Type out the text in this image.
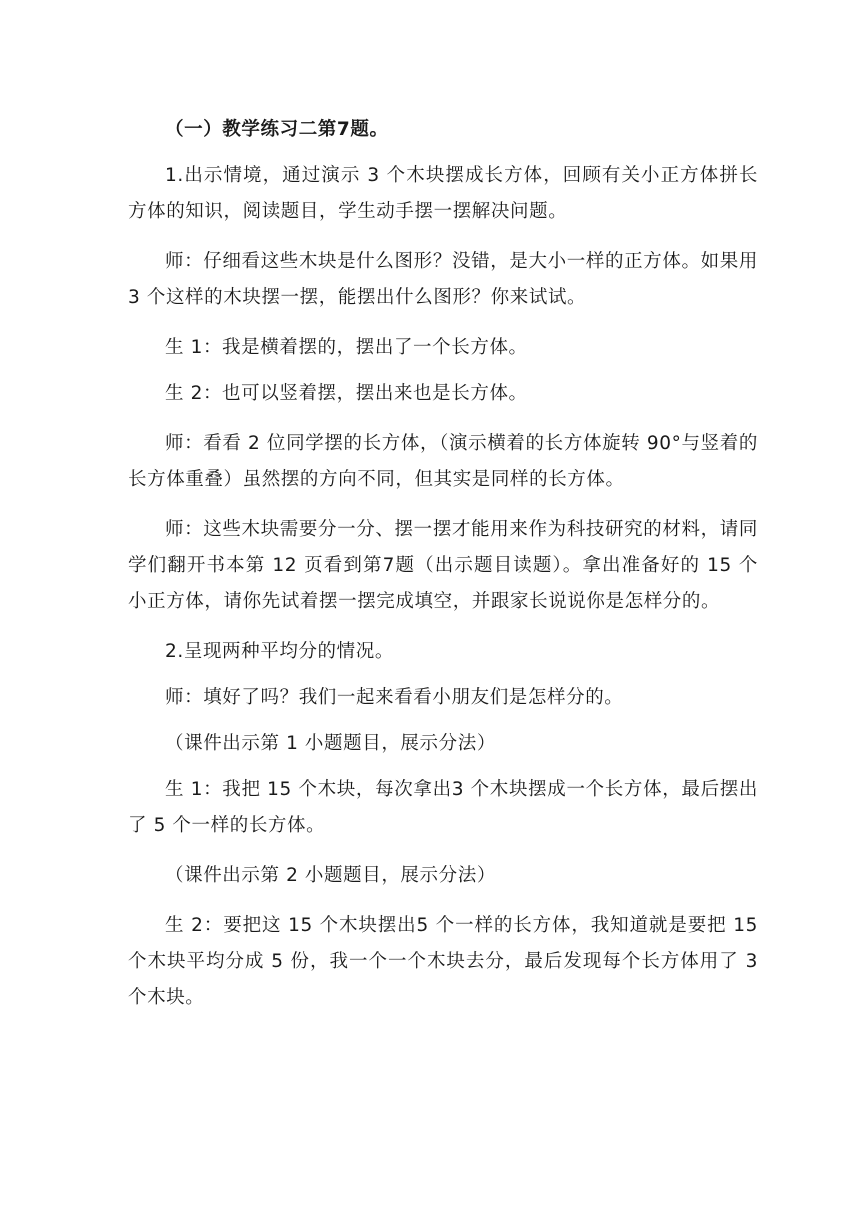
（一）教学练习二第7题。

1.出示情境，通过演示 3 个木块摆成长方体，回顾有关小正方体拼长方体的知识，阅读题目，学生动手摆一摆解决问题。

师：仔细看这些木块是什么图形？没错，是大小一样的正方体。如果用3 个这样的木块摆一摆，能摆出什么图形？你来试试。

生 1：我是横着摆的，摆出了一个长方体。

生 2：也可以竖着摆，摆出来也是长方体。

师：看看 2 位同学摆的长方体，（演示横着的长方体旋转 90°与竖着的长方体重叠）虽然摆的方向不同，但其实是同样的长方体。

师：这些木块需要分一分、摆一摆才能用来作为科技研究的材料，请同学们翻开书本第 12 页看到第7题（出示题目读题）。拿出准备好的 15 个小正方体，请你先试着摆一摆完成填空，并跟家长说说你是怎样分的。

2.呈现两种平均分的情况。

师：填好了吗？我们一起来看看小朋友们是怎样分的。

（课件出示第 1 小题题目，展示分法）

生 1：我把 15 个木块，每次拿出3 个木块摆成一个长方体，最后摆出了 5 个一样的长方体。

（课件出示第 2 小题题目，展示分法）

生 2：要把这 15 个木块摆出5 个一样的长方体，我知道就是要把 15 个木块平均分成 5 份，我一个一个木块去分，最后发现每个长方体用了 3 个木块。
